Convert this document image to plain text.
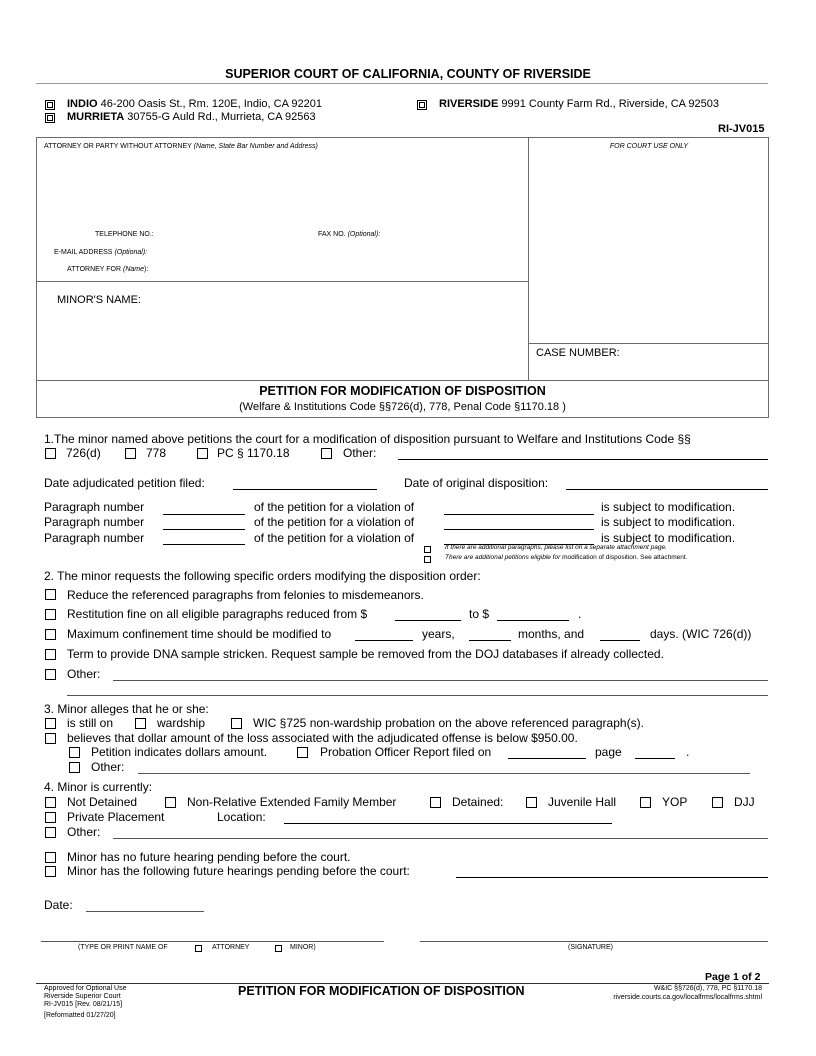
SUPERIOR COURT OF CALIFORNIA, COUNTY OF RIVERSIDE
INDIO 46-200 Oasis St., Rm. 120E, Indio, CA 92201
MURRIETA 30755-G Auld Rd., Murrieta, CA 92563
RIVERSIDE 9991 County Farm Rd., Riverside, CA 92503
RI-JV015
ATTORNEY OR PARTY WITHOUT ATTORNEY (Name, State Bar Number and Address)	FOR COURT USE ONLY
TELEPHONE NO.:	FAX NO. (Optional):
E-MAIL ADDRESS (Optional):
ATTORNEY FOR (Name):
MINOR'S NAME:
CASE NUMBER:
PETITION FOR MODIFICATION OF DISPOSITION
(Welfare & Institutions Code §§726(d), 778, Penal Code §1170.18 )
1.The minor named above petitions the court for a modification of disposition pursuant to Welfare and Institutions Code §§
726(d)	778	PC § 1170.18	Other:
Date adjudicated petition filed:	Date of original disposition:
Paragraph number	of the petition for a violation of	is subject to modification.
Paragraph number	of the petition for a violation of	is subject to modification.
Paragraph number	of the petition for a violation of	is subject to modification.
If there are additional paragraphs, please list on a separate attachment page.
There are additional petitions eligible for modification of disposition. See attachment.
2. The minor requests the following specific orders modifying the disposition order:
Reduce the referenced paragraphs from felonies to misdemeanors.
Restitution fine on all eligible paragraphs reduced from $	to $	.
Maximum confinement time should be modified to	years,	months, and	days. (WIC 726(d))
Term to provide DNA sample stricken. Request sample be removed from the DOJ databases if already collected.
Other:
3. Minor alleges that he or she:
is still on	wardship	WIC §725 non-wardship probation on the above referenced paragraph(s).
believes that dollar amount of the loss associated with the adjudicated offense is below $950.00.
Petition indicates dollars amount.	Probation Officer Report filed on	page	.
Other:
4. Minor is currently:
Not Detained	Non-Relative Extended Family Member	Detained:	Juvenile Hall	YOP	DJJ
Private Placement	Location:
Other:
Minor has no future hearing pending before the court.
Minor has the following future hearings pending before the court:
Date:
(TYPE OR PRINT NAME OF	ATTORNEY	MINOR)	(SIGNATURE)
Page 1 of 2
Approved for Optional Use
Riverside Superior Court
RI-JV015 [Rev. 08/21/15]
[Reformatted 01/27/20]
PETITION FOR MODIFICATION OF DISPOSITION	W&IC §§726(d), 778, PC §1170.18
riverside.courts.ca.gov/localfrms/localfrms.shtml
